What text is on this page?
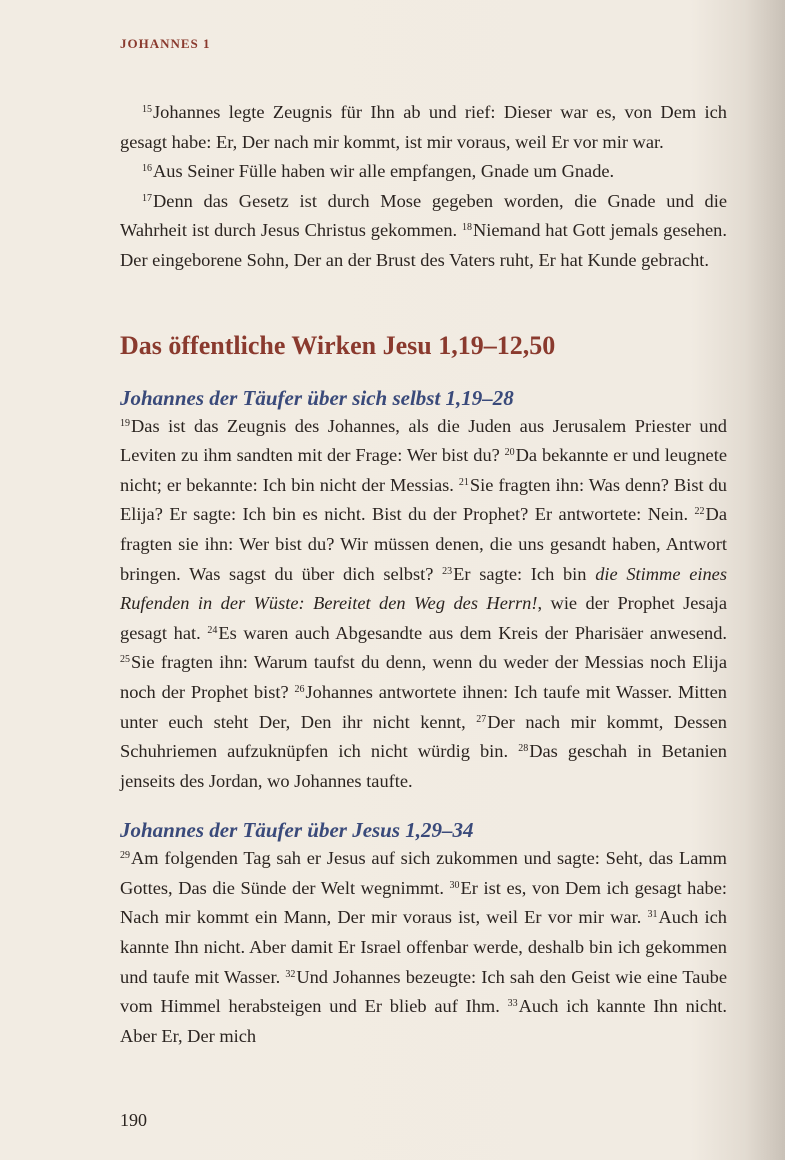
JOHANNES 1

$^{15}$Johannes legte Zeugnis für Ihn ab und rief: Dieser war es, von Dem ich gesagt habe: Er, Der nach mir kommt, ist mir voraus, weil Er vor mir war.

$^{16}$Aus Seiner Fülle haben wir alle empfangen, Gnade um Gnade.

$^{17}$Denn das Gesetz ist durch Mose gegeben worden, die Gnade und die Wahrheit ist durch Jesus Christus gekommen. $^{18}$Niemand hat Gott jemals gesehen. Der eingeborene Sohn, Der an der Brust des Vaters ruht, Er hat Kunde gebracht.

Das öffentliche Wirken Jesu 1,19–12,50
Johannes der Täufer über sich selbst 1,19–28

$^{19}$Das ist das Zeugnis des Johannes, als die Juden aus Jerusalem Priester und Leviten zu ihm sandten mit der Frage: Wer bist du? $^{20}$Da bekannte er und leugnete nicht; er bekannte: Ich bin nicht der Messias. $^{21}$Sie fragten ihn: Was denn? Bist du Elija? Er sagte: Ich bin es nicht. Bist du der Prophet? Er antwortete: Nein. $^{22}$Da fragten sie ihn: Wer bist du? Wir müssen denen, die uns gesandt haben, Antwort bringen. Was sagst du über dich selbst? $^{23}$Er sagte: Ich bin die Stimme eines Rufenden in der Wüste: Bereitet den Weg des Herrn!, wie der Prophet Jesaja gesagt hat. $^{24}$Es waren auch Abgesandte aus dem Kreis der Pharisäer anwesend. $^{25}$Sie fragten ihn: Warum taufst du denn, wenn du weder der Messias noch Elija noch der Prophet bist? $^{26}$Johannes antwortete ihnen: Ich taufe mit Wasser. Mitten unter euch steht Der, Den ihr nicht kennt, $^{27}$Der nach mir kommt, Dessen Schuhriemen aufzuknüpfen ich nicht würdig bin. $^{28}$Das geschah in Betanien jenseits des Jordan, wo Johannes taufte.

Johannes der Täufer über Jesus 1,29–34

$^{29}$Am folgenden Tag sah er Jesus auf sich zukommen und sagte: Seht, das Lamm Gottes, Das die Sünde der Welt wegnimmt. $^{30}$Er ist es, von Dem ich gesagt habe: Nach mir kommt ein Mann, Der mir voraus ist, weil Er vor mir war. $^{31}$Auch ich kannte Ihn nicht. Aber damit Er Israel offenbar werde, deshalb bin ich gekommen und taufe mit Wasser. $^{32}$Und Johannes bezeugte: Ich sah den Geist wie eine Taube vom Himmel herabsteigen und Er blieb auf Ihm. $^{33}$Auch ich kannte Ihn nicht. Aber Er, Der mich

190
